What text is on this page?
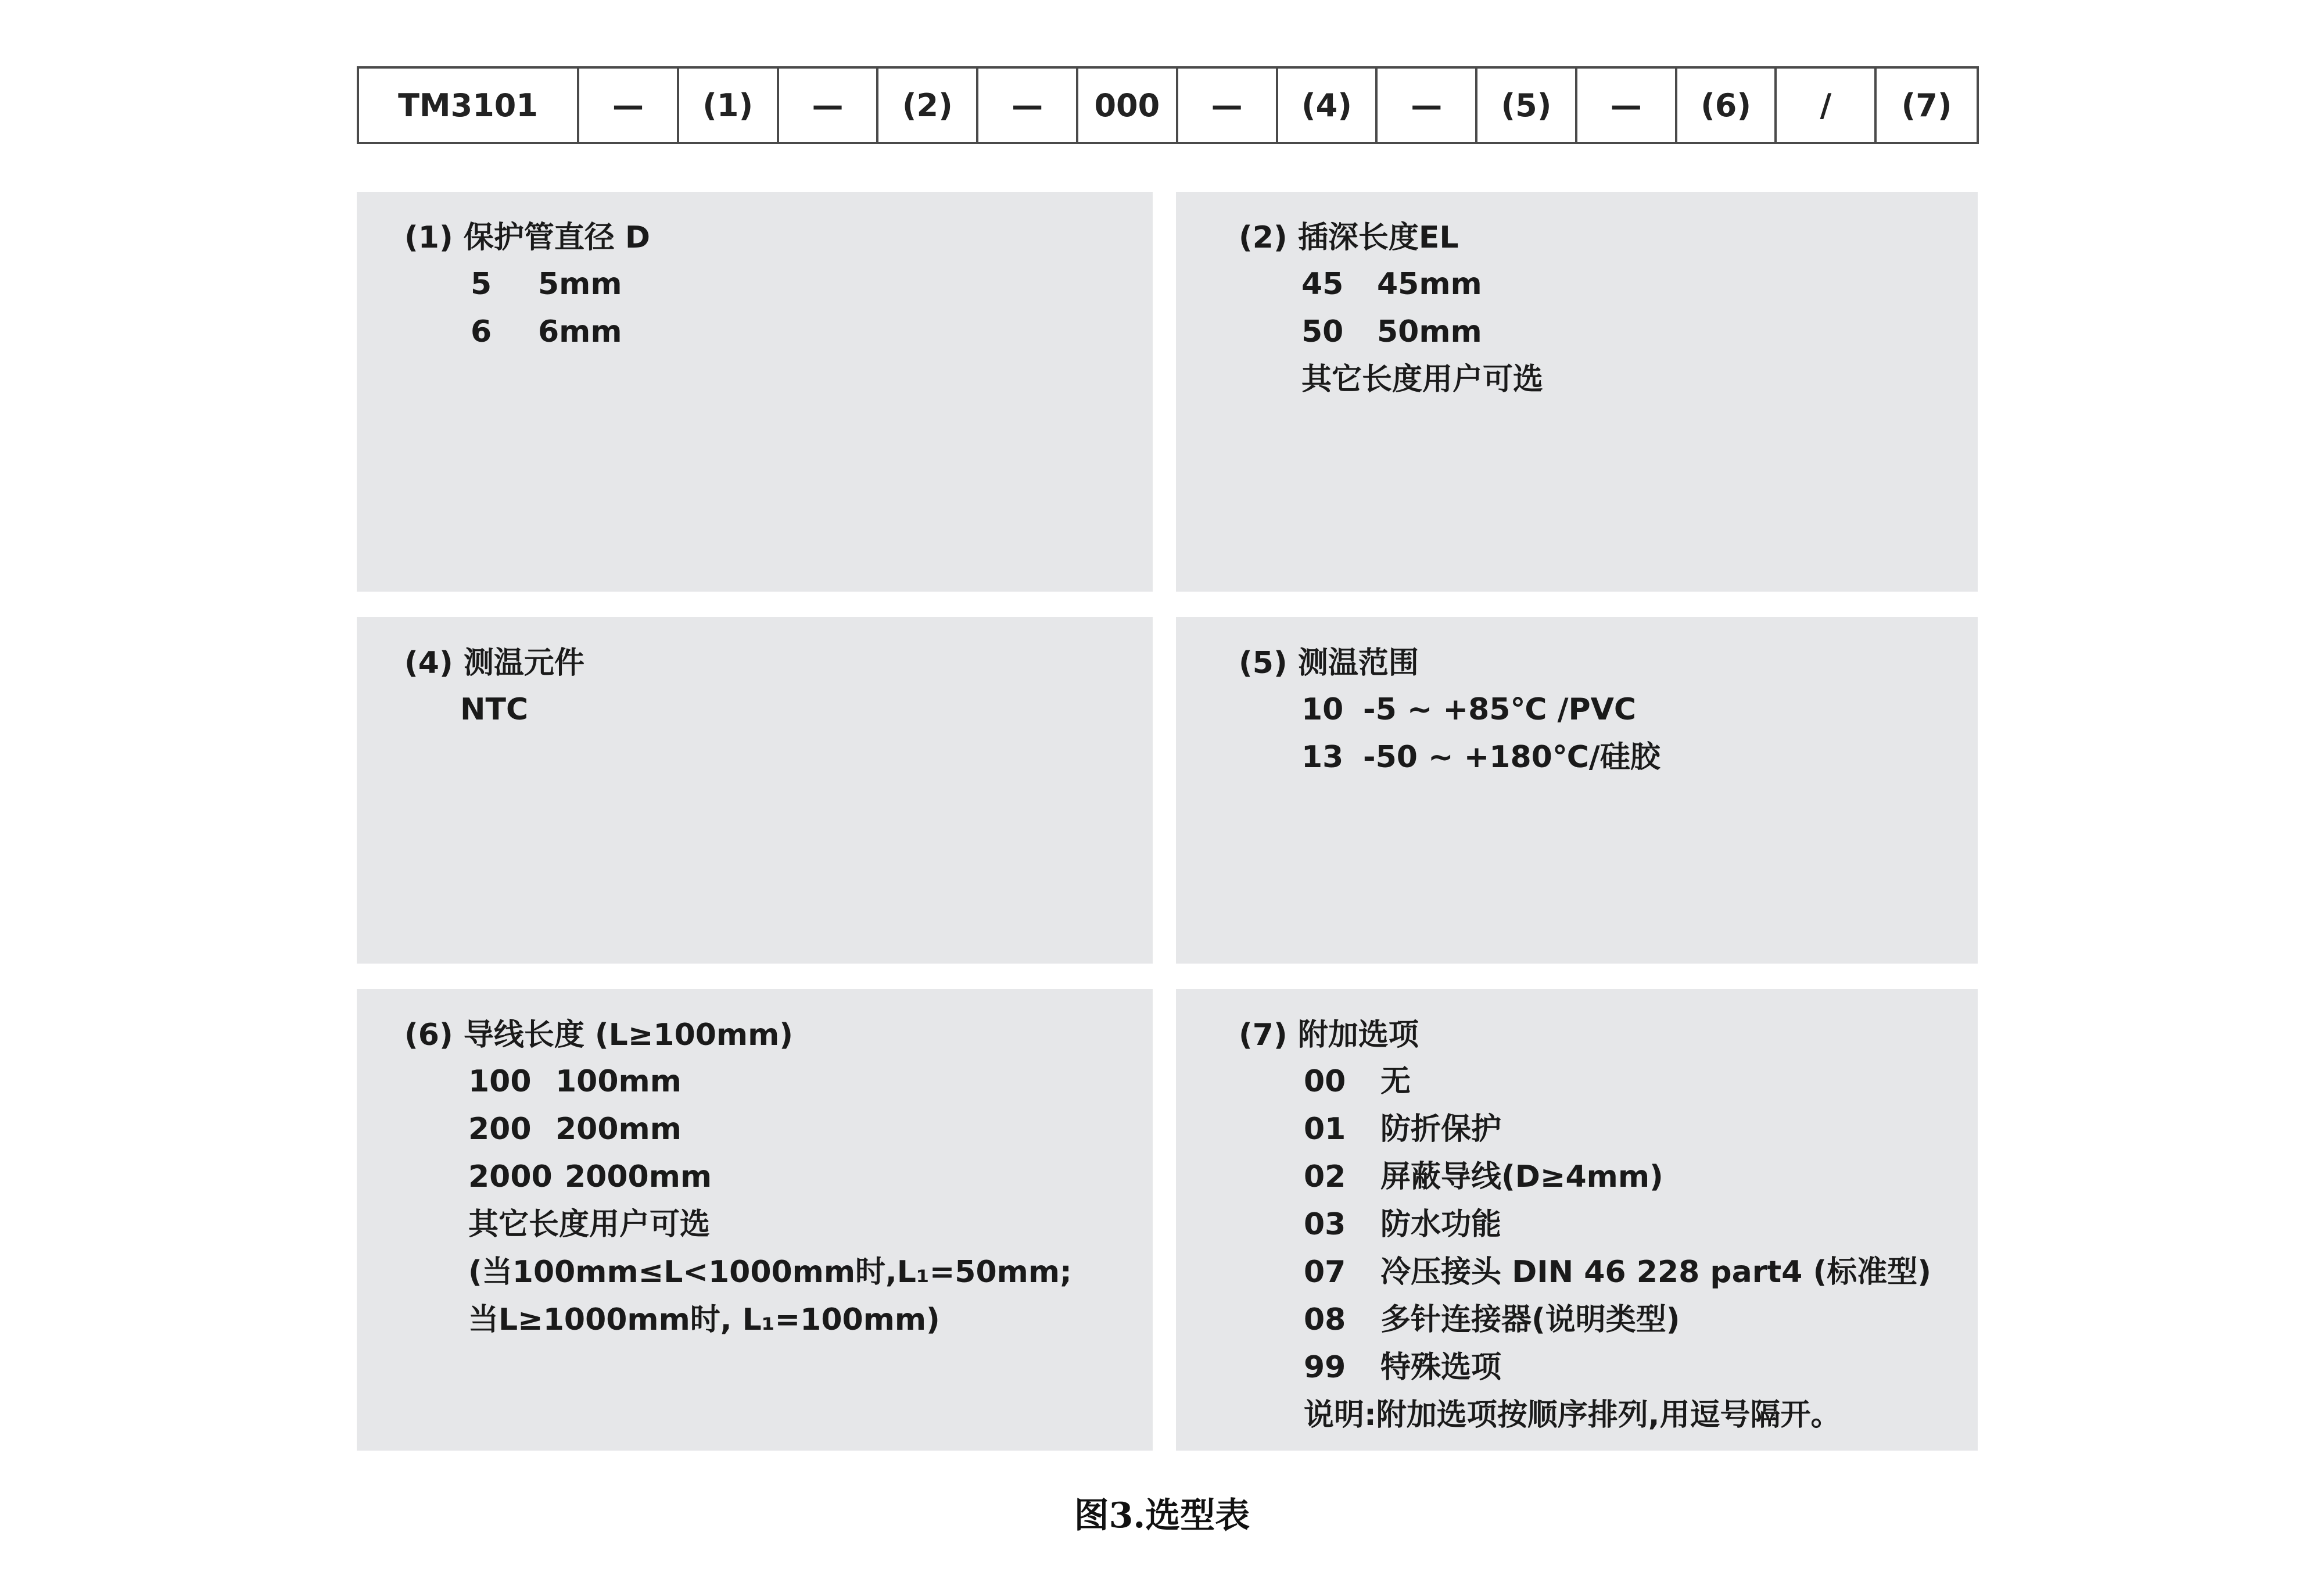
TM3101	—	(1)	—	(2)	—	000	—	(4)	—	(5)	—	(6)	/	(7)
(1) 保护管直径 D
5 5mm
6 6mm
(2) 插深长度EL
45 45mm
50 50mm
其它长度用户可选
(4) 测温元件
NTC
(5) 测温范围
10 -5 ~ +85℃ /PVC
13 -50 ~ +180℃/硅胶
(6) 导线长度 (L≥100mm)
100 100mm
200 200mm
2000 2000mm
其它长度用户可选
(当100mm≤L<1000mm时,L₁=50mm;
当L≥1000mm时, L₁=100mm)
(7) 附加选项
00 无
01 防折保护
02 屏蔽导线(D≥4mm)
03 防水功能
07 冷压接头 DIN 46 228 part4 (标准型)
08 多针连接器(说明类型)
99 特殊选项
说明:附加选项按顺序排列,用逗号隔开。
图3.选型表
